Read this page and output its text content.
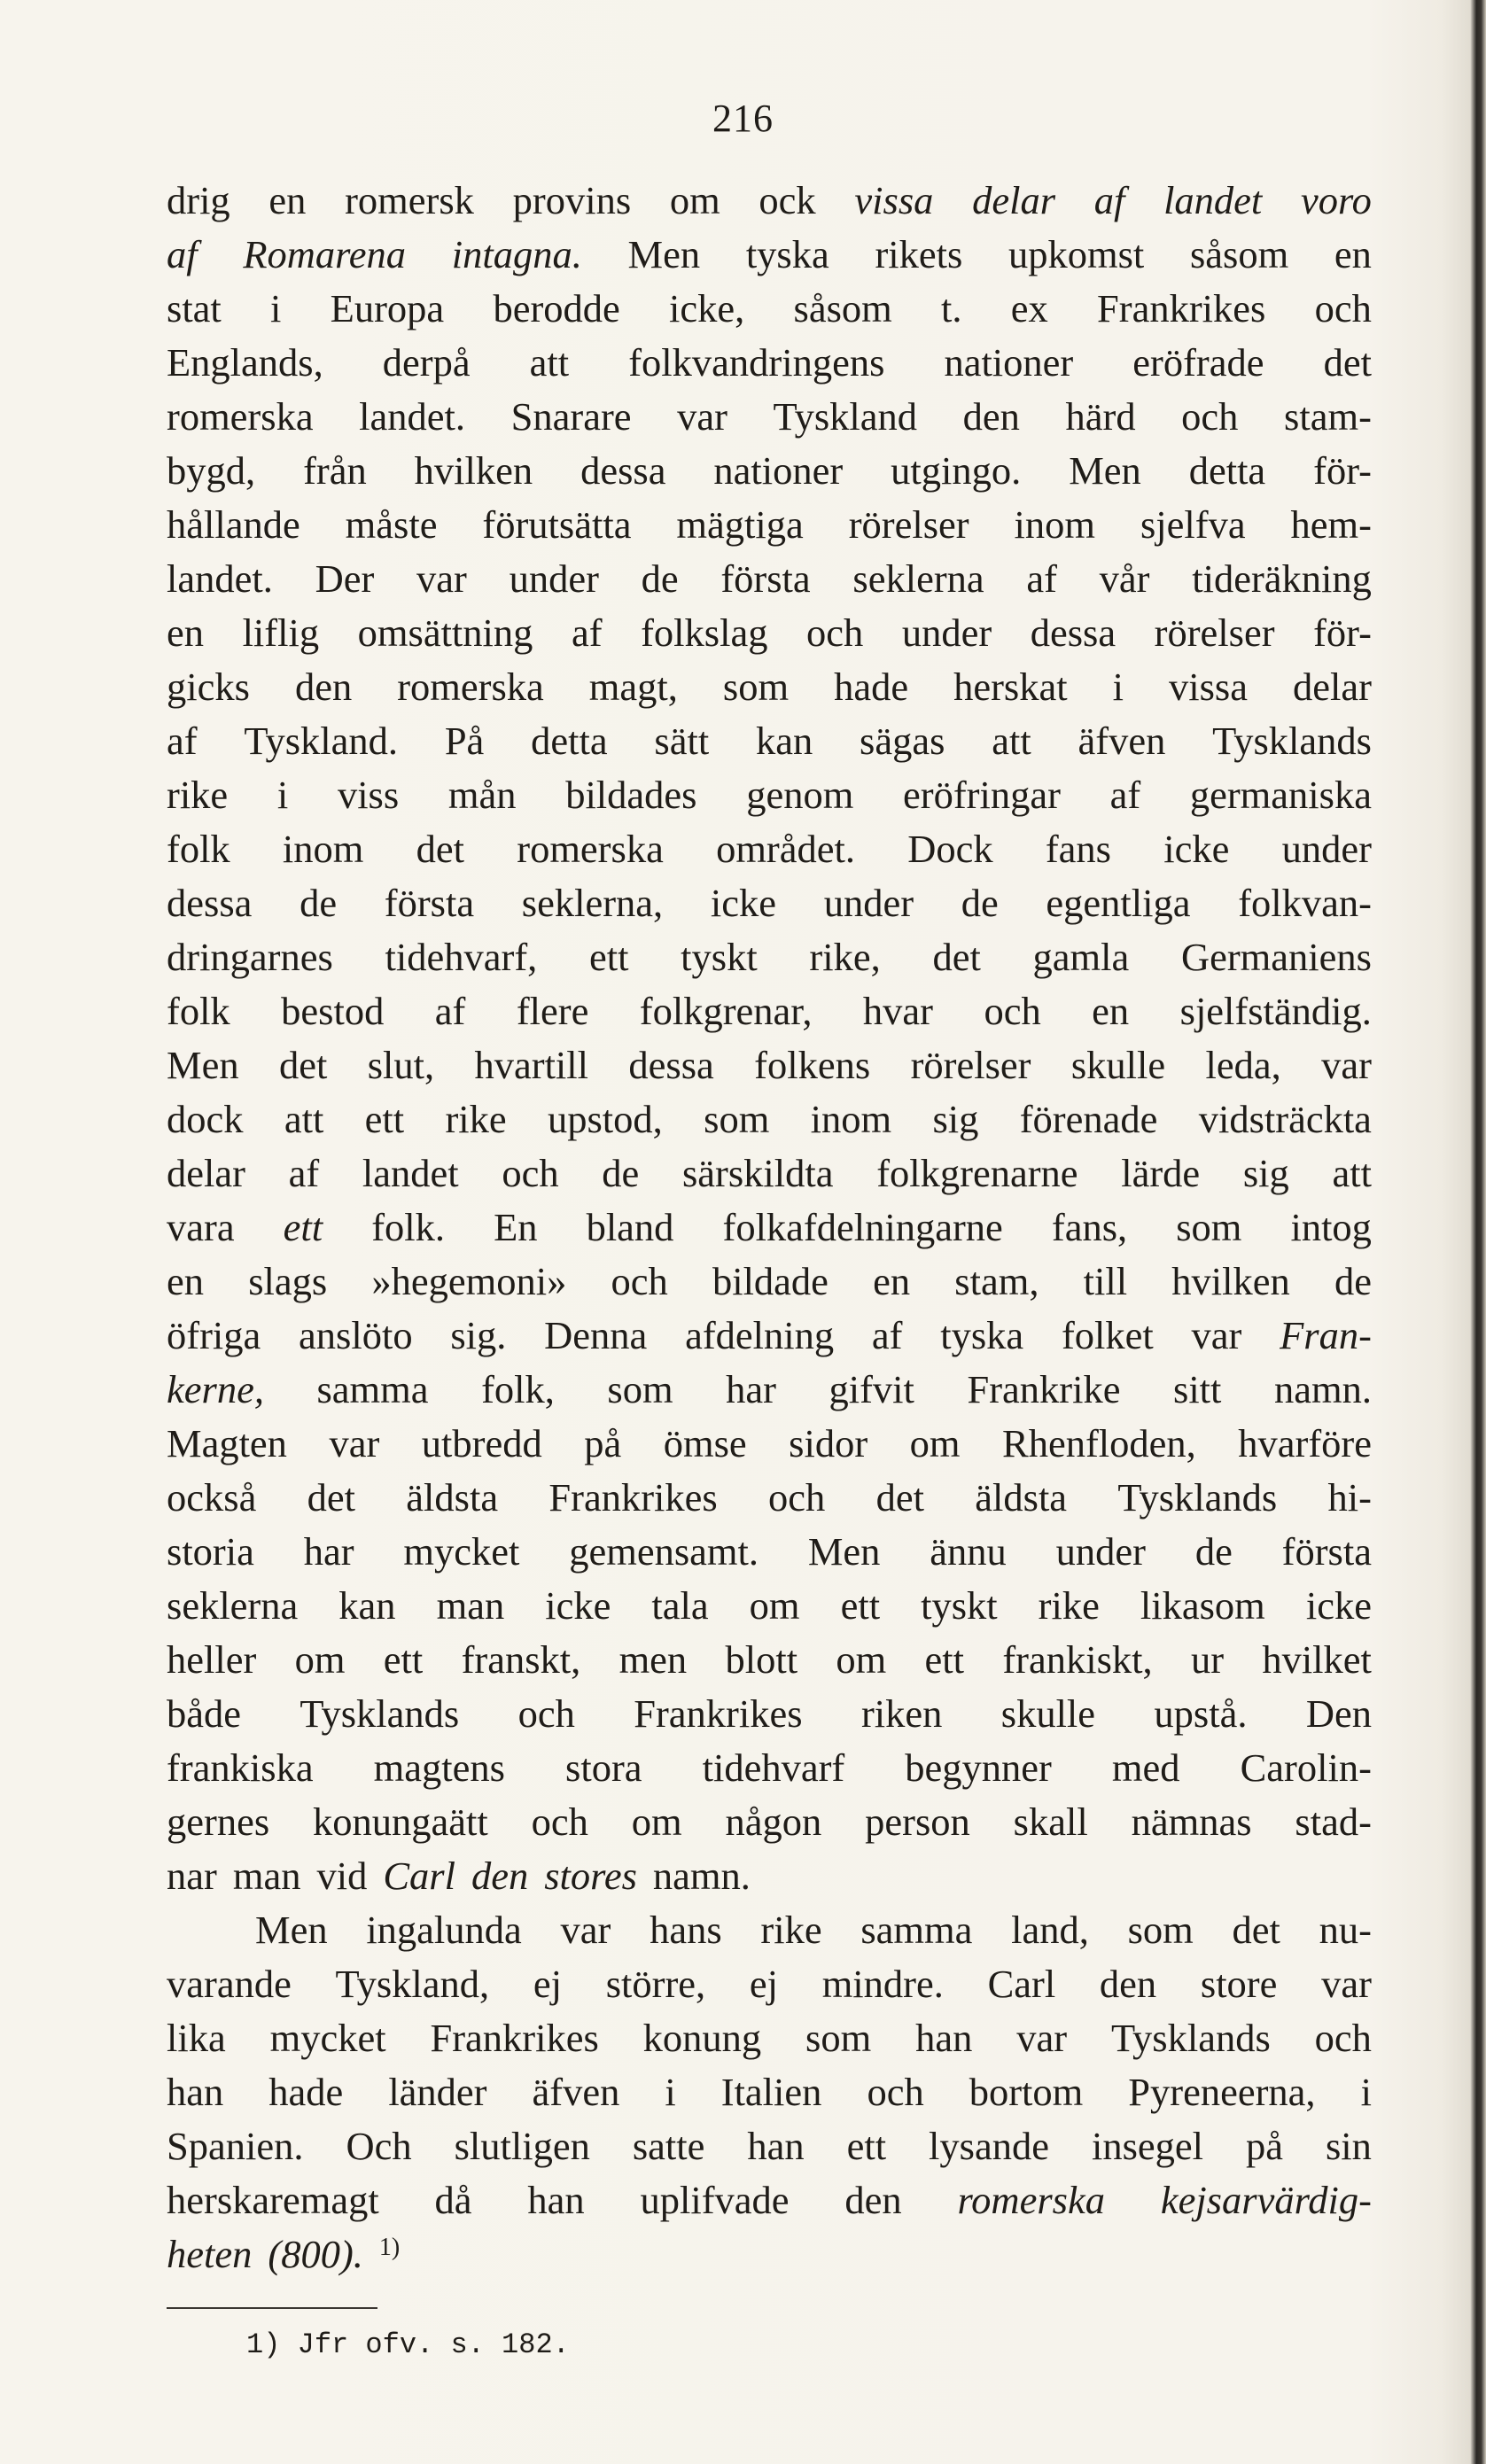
216
drig en romersk provins om ock vissa delar af landet voro
af Romarena intagna. Men tyska rikets upkomst såsom en
stat i Europa berodde icke, såsom t. ex Frankrikes och
Englands, derpå att folkvandringens nationer eröfrade det
romerska landet. Snarare var Tyskland den härd och stam-
bygd, från hvilken dessa nationer utgingo. Men detta för-
hållande måste förutsätta mägtiga rörelser inom sjelfva hem-
landet. Der var under de första seklerna af vår tideräkning
en liflig omsättning af folkslag och under dessa rörelser för-
gicks den romerska magt, som hade herskat i vissa delar
af Tyskland. På detta sätt kan sägas att äfven Tysklands
rike i viss mån bildades genom eröfringar af germaniska
folk inom det romerska området. Dock fans icke under
dessa de första seklerna, icke under de egentliga folkvan-
dringarnes tidehvarf, ett tyskt rike, det gamla Germaniens
folk bestod af flere folkgrenar, hvar och en sjelfständig.
Men det slut, hvartill dessa folkens rörelser skulle leda, var
dock att ett rike upstod, som inom sig förenade vidsträckta
delar af landet och de särskildta folkgrenarne lärde sig att
vara ett folk. En bland folkafdelningarne fans, som intog
en slags »hegemoni» och bildade en stam, till hvilken de
öfriga anslöto sig. Denna afdelning af tyska folket var Fran-
kerne, samma folk, som har gifvit Frankrike sitt namn.
Magten var utbredd på ömse sidor om Rhenfloden, hvarföre
också det äldsta Frankrikes och det äldsta Tysklands hi-
storia har mycket gemensamt. Men ännu under de första
seklerna kan man icke tala om ett tyskt rike likasom icke
heller om ett franskt, men blott om ett frankiskt, ur hvilket
både Tysklands och Frankrikes riken skulle upstå. Den
frankiska magtens stora tidehvarf begynner med Carolin-
gernes konungaätt och om någon person skall nämnas stad-
nar man vid Carl den stores namn.
Men ingalunda var hans rike samma land, som det nu-
varande Tyskland, ej större, ej mindre. Carl den store var
lika mycket Frankrikes konung som han var Tysklands och
han hade länder äfven i Italien och bortom Pyreneerna, i
Spanien. Och slutligen satte han ett lysande insegel på sin
herskaremagt då han uplifvade den romerska kejsarvärdig-
heten (800). $^{1)}$
1) Jfr ofv. s. 182.
